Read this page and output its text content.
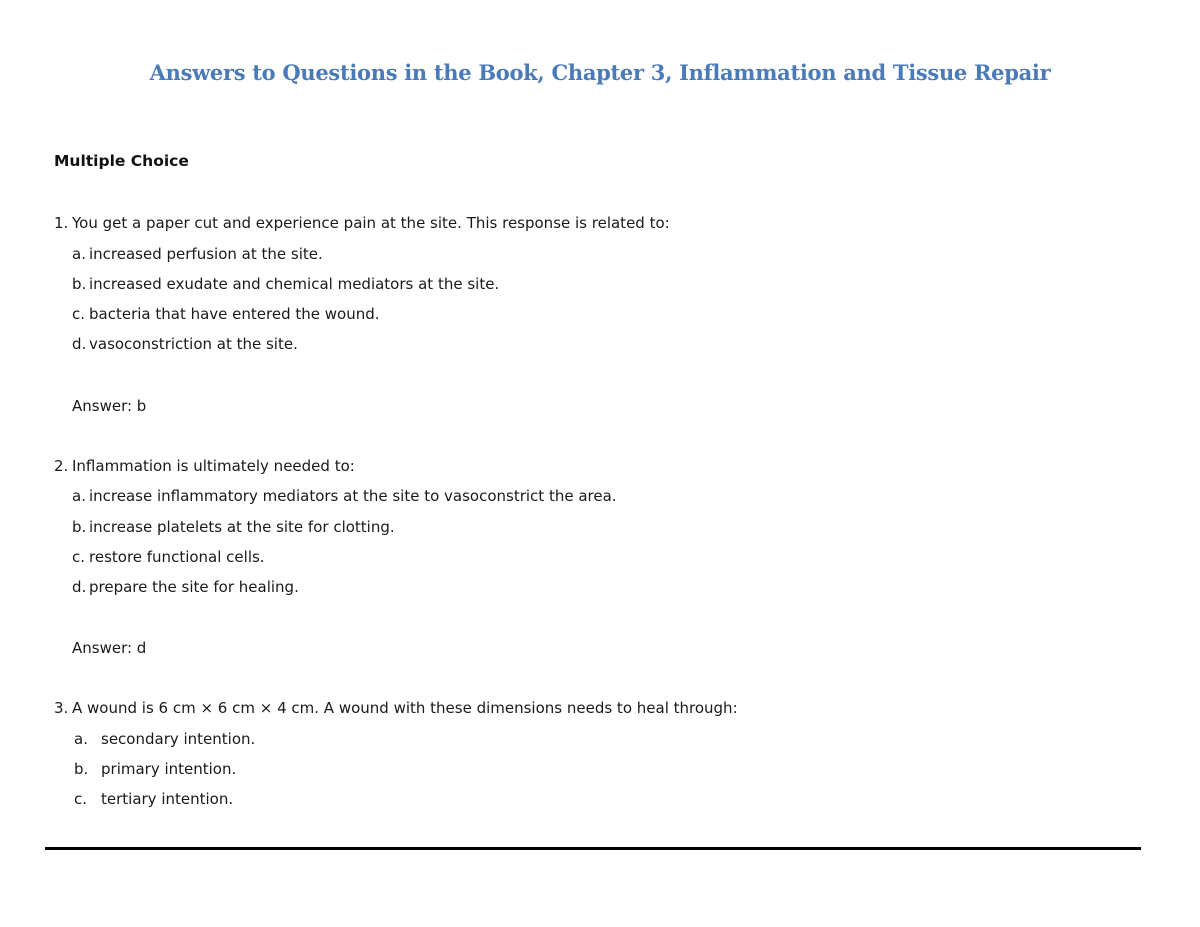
Answers to Questions in the Book, Chapter 3, Inflammation and Tissue Repair
Multiple Choice
1. You get a paper cut and experience pain at the site. This response is related to:
a. increased perfusion at the site.
b. increased exudate and chemical mediators at the site.
c. bacteria that have entered the wound.
d. vasoconstriction at the site.
Answer: b
2. Inflammation is ultimately needed to:
a. increase inflammatory mediators at the site to vasoconstrict the area.
b. increase platelets at the site for clotting.
c. restore functional cells.
d. prepare the site for healing.
Answer: d
3. A wound is 6 cm × 6 cm × 4 cm. A wound with these dimensions needs to heal through:
a. secondary intention.
b. primary intention.
c. tertiary intention.
